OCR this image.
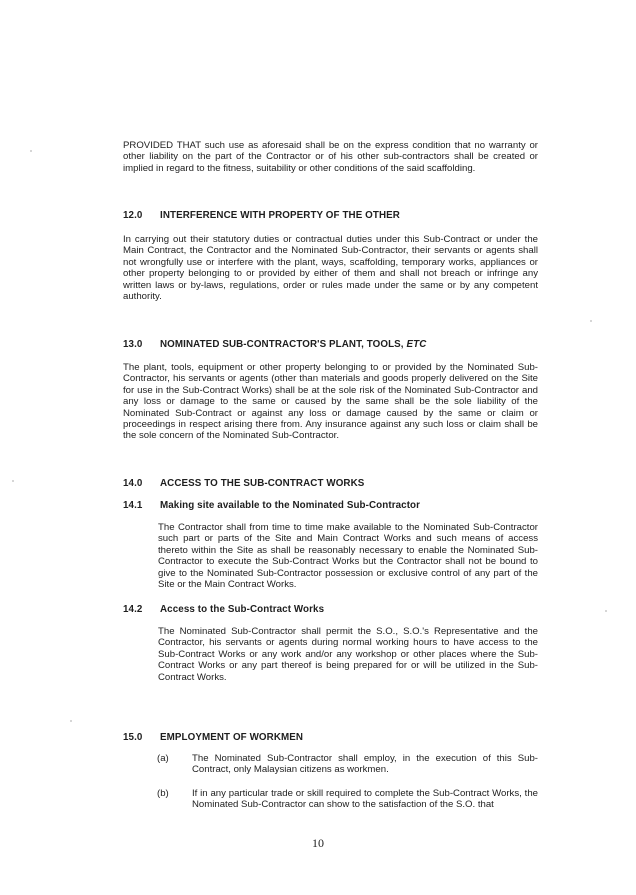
PROVIDED THAT such use as aforesaid shall be on the express condition that no warranty or other liability on the part of the Contractor or of his other sub-contractors shall be created or implied in regard to the fitness, suitability or other conditions of the said scaffolding.

12.0 INTERFERENCE WITH PROPERTY OF THE OTHER

In carrying out their statutory duties or contractual duties under this Sub-Contract or under the Main Contract, the Contractor and the Nominated Sub-Contractor, their servants or agents shall not wrongfully use or interfere with the plant, ways, scaffolding, temporary works, appliances or other property belonging to or provided by either of them and shall not breach or infringe any written laws or by-laws, regulations, order or rules made under the same or by any competent authority.

13.0 NOMINATED SUB-CONTRACTOR'S PLANT, TOOLS, ETC

The plant, tools, equipment or other property belonging to or provided by the Nominated Sub-Contractor, his servants or agents (other than materials and goods properly delivered on the Site for use in the Sub-Contract Works) shall be at the sole risk of the Nominated Sub-Contractor and any loss or damage to the same or caused by the same shall be the sole liability of the Nominated Sub-Contract or against any loss or damage caused by the same or claim or proceedings in respect arising there from. Any insurance against any such loss or claim shall be the sole concern of the Nominated Sub-Contractor.

14.0 ACCESS TO THE SUB-CONTRACT WORKS
14.1 Making site available to the Nominated Sub-Contractor

The Contractor shall from time to time make available to the Nominated Sub-Contractor such part or parts of the Site and Main Contract Works and such means of access thereto within the Site as shall be reasonably necessary to enable the Nominated Sub-Contractor to execute the Sub-Contract Works but the Contractor shall not be bound to give to the Nominated Sub-Contractor possession or exclusive control of any part of the Site or the Main Contract Works.

14.2 Access to the Sub-Contract Works

The Nominated Sub-Contractor shall permit the S.O., S.O.'s Representative and the Contractor, his servants or agents during normal working hours to have access to the Sub-Contract Works or any work and/or any workshop or other places where the Sub-Contract Works or any part thereof is being prepared for or will be utilized in the Sub-Contract Works.

15.0 EMPLOYMENT OF WORKMEN
(a) The Nominated Sub-Contractor shall employ, in the execution of this Sub-Contract, only Malaysian citizens as workmen.

(b) If in any particular trade or skill required to complete the Sub-Contract Works, the Nominated Sub-Contractor can show to the satisfaction of the S.O. that

10
